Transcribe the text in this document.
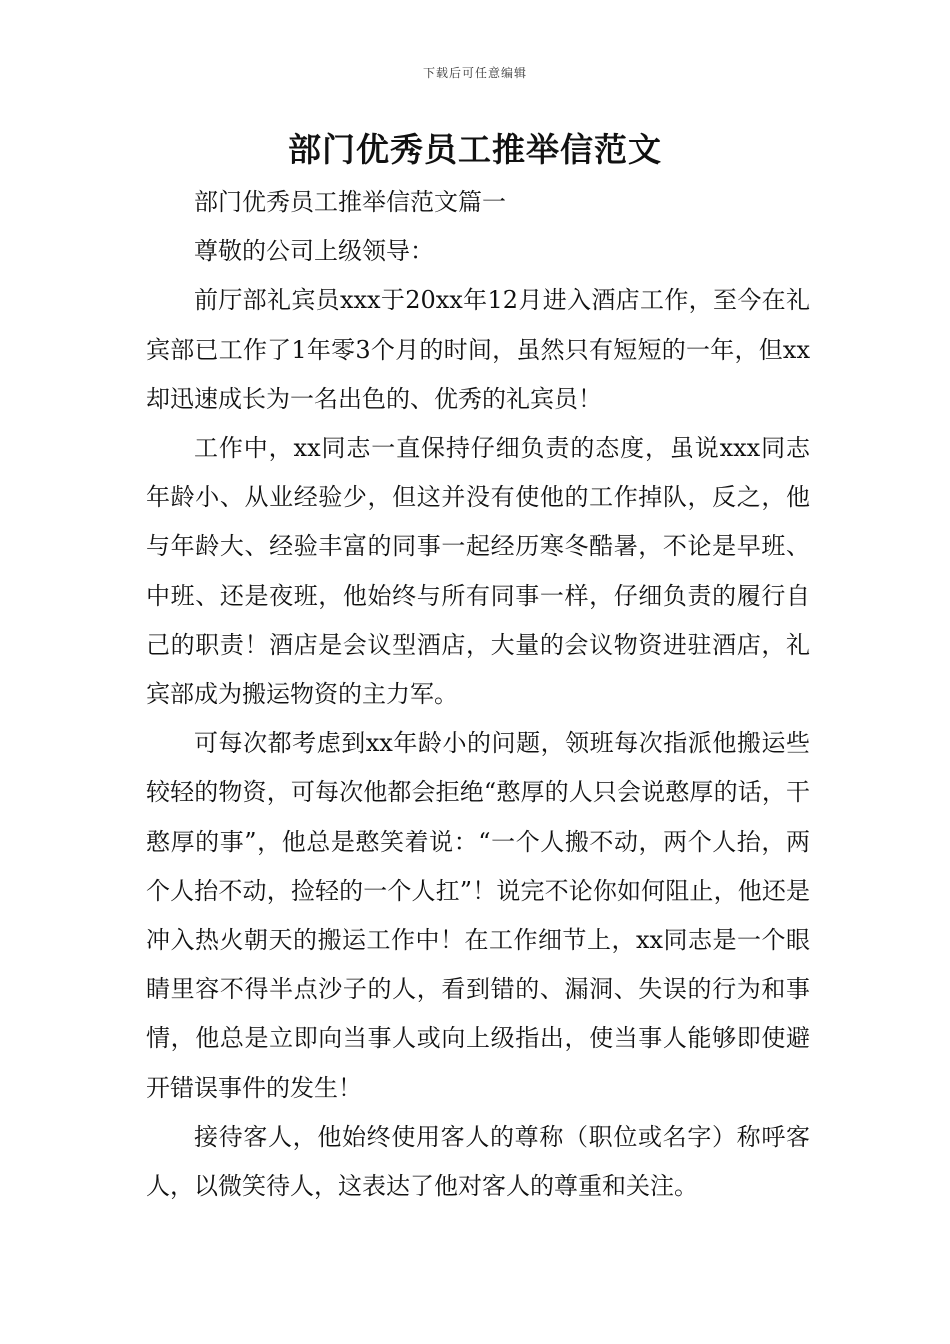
下载后可任意编辑
部门优秀员工推举信范文

部门优秀员工推举信范文篇一

尊敬的公司上级领导：

前厅部礼宾员xxx于20xx年12月进入酒店工作，至今在礼宾部已工作了1年零3个月的时间，虽然只有短短的一年，但xx却迅速成长为一名出色的、优秀的礼宾员！

工作中，xx同志一直保持仔细负责的态度，虽说xxx同志年龄小、从业经验少，但这并没有使他的工作掉队，反之，他与年龄大、经验丰富的同事一起经历寒冬酷暑，不论是早班、中班、还是夜班，他始终与所有同事一样，仔细负责的履行自己的职责！酒店是会议型酒店，大量的会议物资进驻酒店，礼宾部成为搬运物资的主力军。

可每次都考虑到xx年龄小的问题，领班每次指派他搬运些较轻的物资，可每次他都会拒绝“憨厚的人只会说憨厚的话，干憨厚的事”，他总是憨笑着说：“一个人搬不动，两个人抬，两个人抬不动，捡轻的一个人扛”！说完不论你如何阻止，他还是冲入热火朝天的搬运工作中！在工作细节上，xx同志是一个眼睛里容不得半点沙子的人，看到错的、漏洞、失误的行为和事情，他总是立即向当事人或向上级指出，使当事人能够即使避开错误事件的发生！

接待客人，他始终使用客人的尊称（职位或名字）称呼客人，以微笑待人，这表达了他对客人的尊重和关注。
